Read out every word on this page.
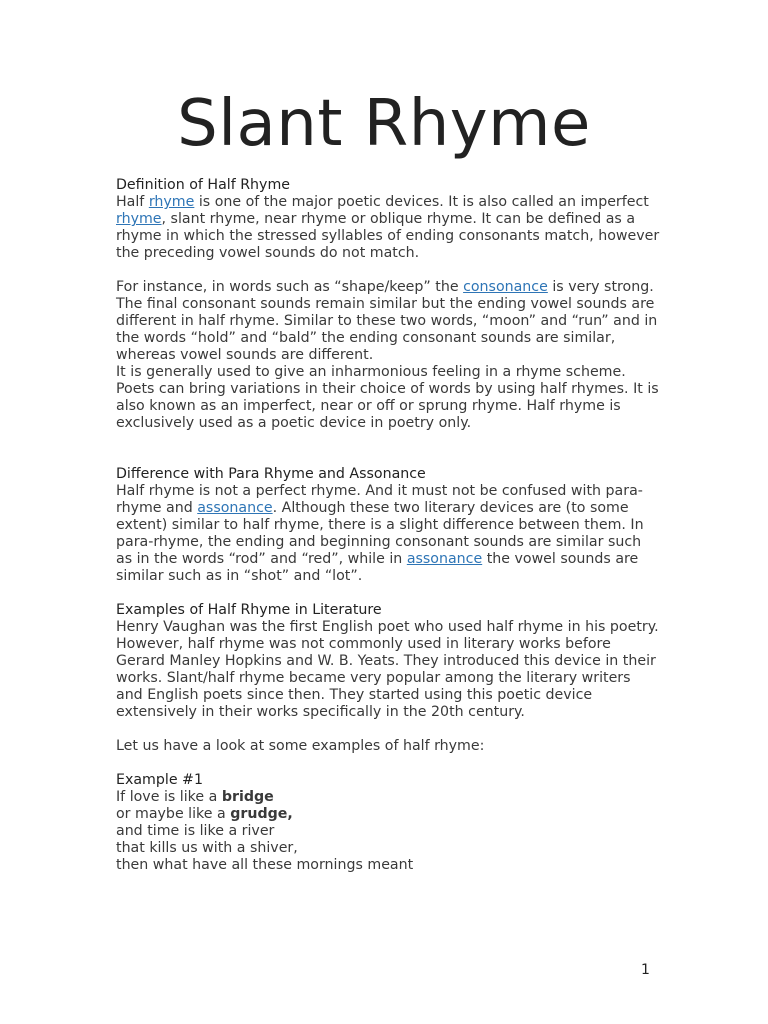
Slant Rhyme

Definition of Half Rhyme

Half rhyme is one of the major poetic devices. It is also called an imperfect rhyme, slant rhyme, near rhyme or oblique rhyme. It can be defined as a rhyme in which the stressed syllables of ending consonants match, however the preceding vowel sounds do not match.

For instance, in words such as “shape/keep” the consonance is very strong. The final consonant sounds remain similar but the ending vowel sounds are different in half rhyme. Similar to these two words, “moon” and “run” and in the words “hold” and “bald” the ending consonant sounds are similar, whereas vowel sounds are different.

It is generally used to give an inharmonious feeling in a rhyme scheme. Poets can bring variations in their choice of words by using half rhymes. It is also known as an imperfect, near or off or sprung rhyme. Half rhyme is exclusively used as a poetic device in poetry only.

Difference with Para Rhyme and Assonance

Half rhyme is not a perfect rhyme. And it must not be confused with para-rhyme and assonance. Although these two literary devices are (to some extent) similar to half rhyme, there is a slight difference between them. In para-rhyme, the ending and beginning consonant sounds are similar such as in the words “rod” and “red”, while in assonance the vowel sounds are similar such as in “shot” and “lot”.

Examples of Half Rhyme in Literature

Henry Vaughan was the first English poet who used half rhyme in his poetry. However, half rhyme was not commonly used in literary works before Gerard Manley Hopkins and W. B. Yeats. They introduced this device in their works. Slant/half rhyme became very popular among the literary writers and English poets since then. They started using this poetic device extensively in their works specifically in the 20th century.

Let us have a look at some examples of half rhyme:

Example #1

If love is like a bridge

or maybe like a grudge,

and time is like a river

that kills us with a shiver,

then what have all these mornings meant

1
